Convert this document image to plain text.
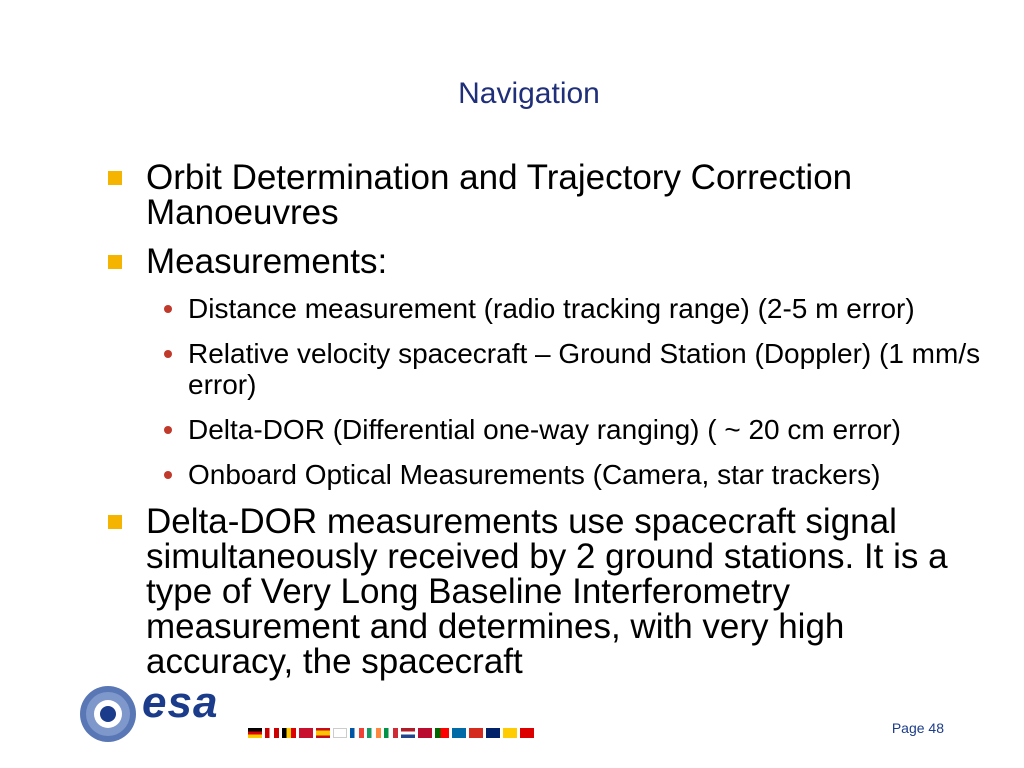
Navigation
Orbit Determination and Trajectory Correction Manoeuvres
Measurements:
Distance measurement (radio tracking range) (2-5 m error)
Relative velocity spacecraft – Ground Station (Doppler) (1 mm/s error)
Delta-DOR (Differential one-way ranging) ( ~ 20 cm error)
Onboard Optical Measurements (Camera, star trackers)
Delta-DOR measurements use spacecraft signal simultaneously received by 2 ground stations. It is a type of Very Long Baseline Interferometry measurement and determines, with very high accuracy, the spacecraft
esa
Page 48
